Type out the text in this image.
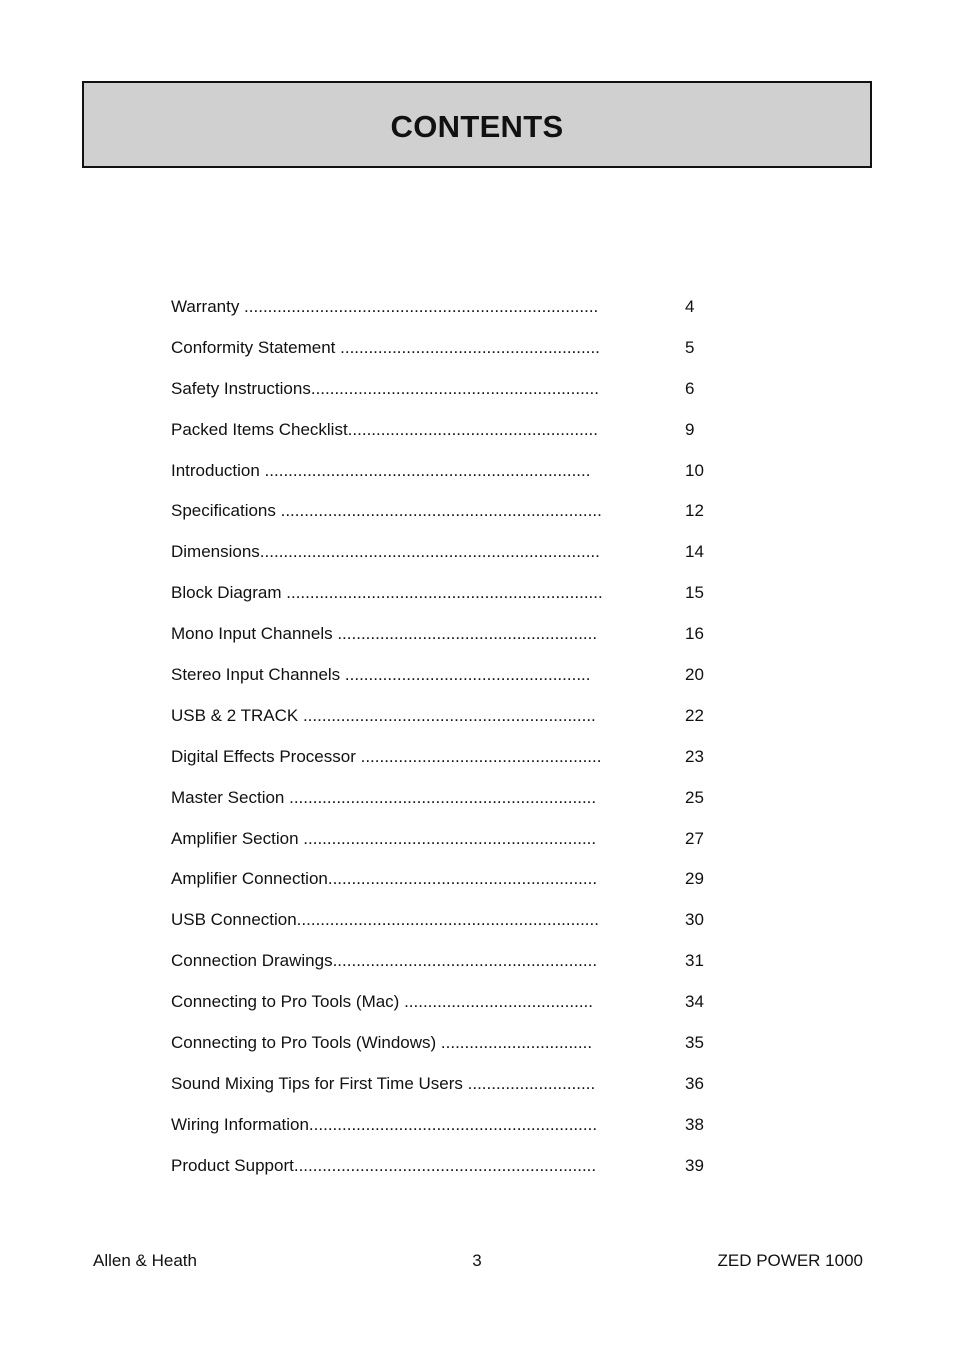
CONTENTS
Warranty ...........................................................................	4
Conformity Statement .......................................................	5
Safety Instructions.............................................................	6
Packed Items Checklist.....................................................	9
Introduction .....................................................................	10
Specifications ....................................................................	12
Dimensions........................................................................	14
Block Diagram ...................................................................	15
Mono Input Channels .......................................................	16
Stereo Input Channels ....................................................	20
USB & 2 TRACK ..............................................................	22
Digital Effects Processor ...................................................	23
Master Section .................................................................	25
Amplifier Section ..............................................................	27
Amplifier Connection.........................................................	29
USB Connection................................................................	30
Connection Drawings........................................................	31
Connecting to Pro Tools (Mac) ........................................	34
Connecting to Pro Tools (Windows) ................................	35
Sound Mixing Tips for First Time Users ...........................	36
Wiring Information.............................................................	38
Product Support................................................................	39
Allen & Heath	3	ZED POWER 1000
